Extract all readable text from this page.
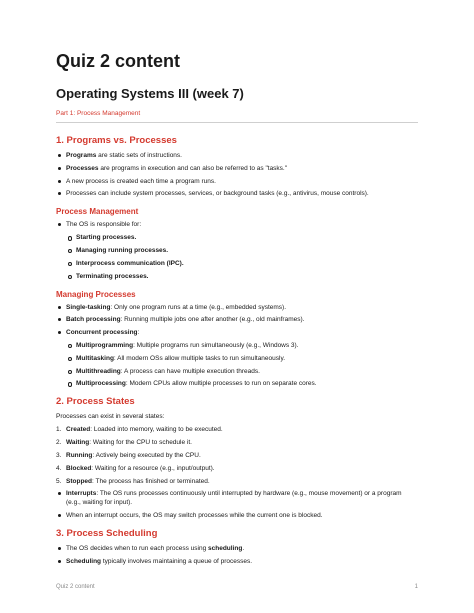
Quiz 2 content
Operating Systems III (week 7)
Part 1: Process Management
1. Programs vs. Processes
Programs are static sets of instructions.
Processes are programs in execution and can also be referred to as "tasks."
A new process is created each time a program runs.
Processes can include system processes, services, or background tasks (e.g., antivirus, mouse controls).
Process Management
The OS is responsible for:
Starting processes.
Managing running processes.
Interprocess communication (IPC).
Terminating processes.
Managing Processes
Single-tasking: Only one program runs at a time (e.g., embedded systems).
Batch processing: Running multiple jobs one after another (e.g., old mainframes).
Concurrent processing:
Multiprogramming: Multiple programs run simultaneously (e.g., Windows 3).
Multitasking: All modern OSs allow multiple tasks to run simultaneously.
Multithreading: A process can have multiple execution threads.
Multiprocessing: Modern CPUs allow multiple processes to run on separate cores.
2. Process States
Processes can exist in several states:
1. Created: Loaded into memory, waiting to be executed.
2. Waiting: Waiting for the CPU to schedule it.
3. Running: Actively being executed by the CPU.
4. Blocked: Waiting for a resource (e.g., input/output).
5. Stopped: The process has finished or terminated.
Interrupts: The OS runs processes continuously until interrupted by hardware (e.g., mouse movement) or a program (e.g., waiting for input).
When an interrupt occurs, the OS may switch processes while the current one is blocked.
3. Process Scheduling
The OS decides when to run each process using scheduling.
Scheduling typically involves maintaining a queue of processes.
Quiz 2 content	1
